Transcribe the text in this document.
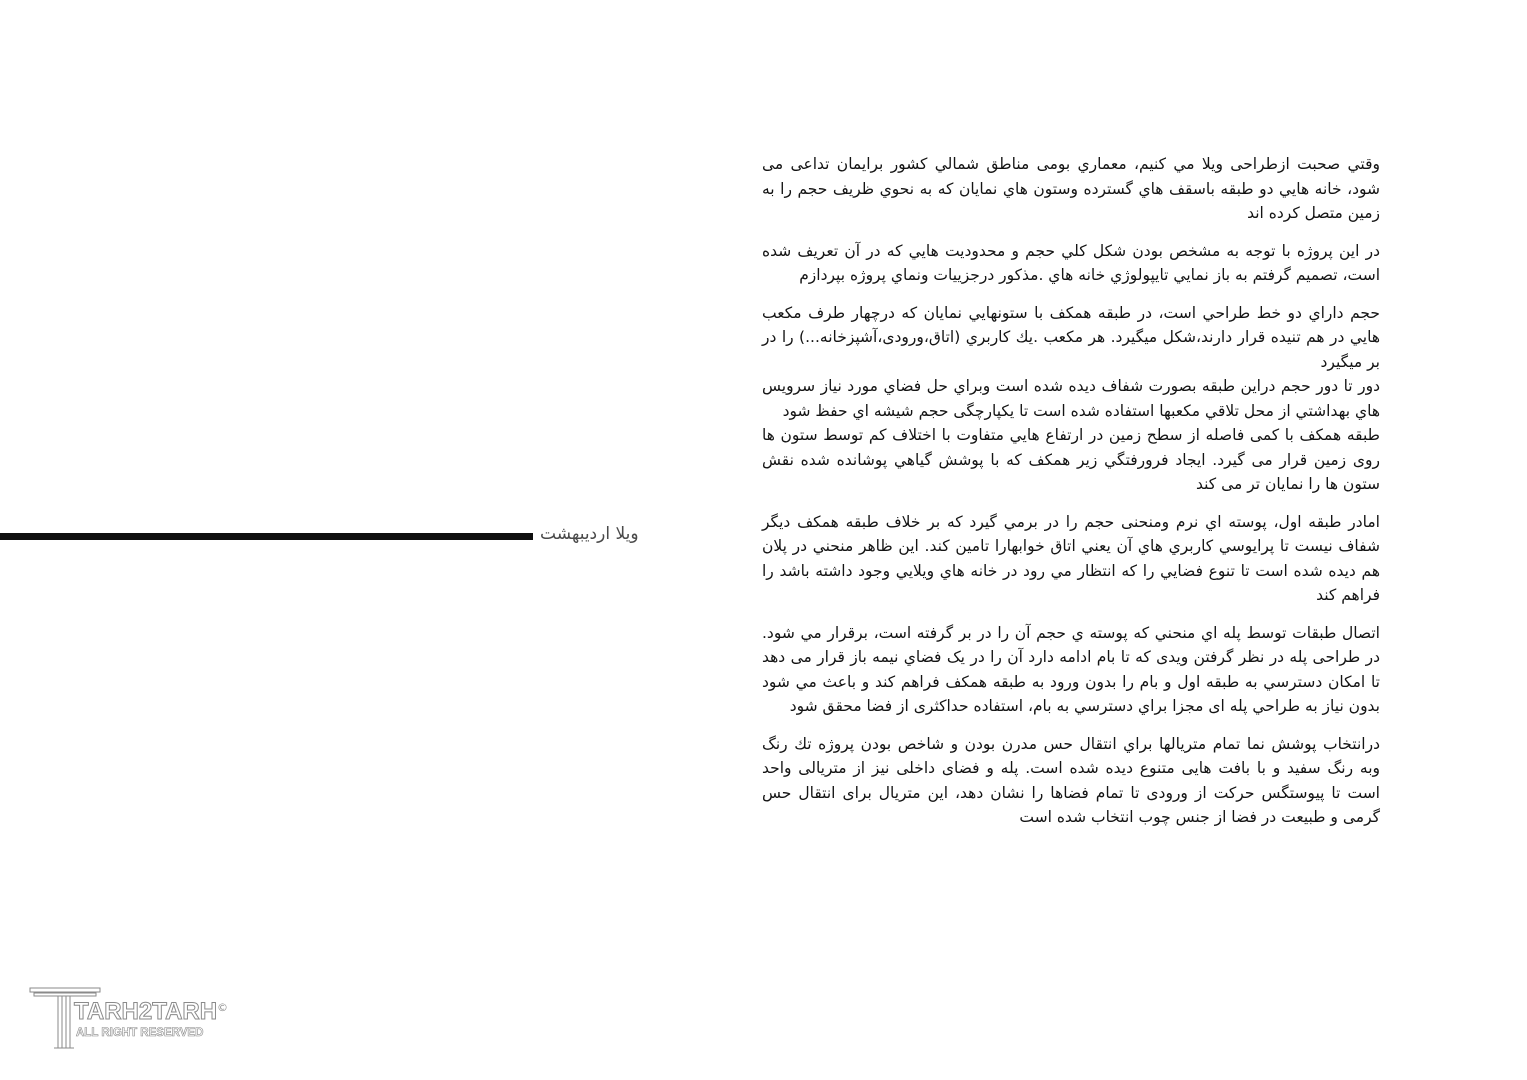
ویلا اردیبهشت

وقتي صحبت ازطراحی ویلا مي كنيم، معماري بومی مناطق شمالي كشور برايمان تداعی می شود، خانه هايي دو طبقه باسقف هاي گسترده وستون هاي نمايان كه به نحوي ظريف حجم را به زمين متصل كرده اند

در این پروژه با توجه به مشخص بودن شكل كلي حجم و محدوديت هايي كه در آن تعریف شده است، تصميم گرفتم به باز نمايي تايپولوژي خانه هاي .مذكور درجزييات ونماي پروژه بپردازم

حجم داراي دو خط طراحي است، در طبقه همكف با ستونهايي نمايان كه درچهار طرف مكعب هايي در هم تنيده قرار دارند،شكل ميگيرد. هر مكعب .يك كاربري (اتاق،ورودی،آشپزخانه...) را در بر ميگيرد
دور تا دور حجم دراين طبقه بصورت شفاف ديده شده است وبراي حل فضاي مورد نياز سرويس هاي بهداشتي از محل تلاقي مكعبها استفاده شده است تا يكپارچگی حجم شيشه اي حفظ شود
طبقه همكف با كمی فاصله از سطح زمين در ارتفاع هايي متفاوت با اختلاف كم توسط ستون ها روی زمين قرار می گيرد. ايجاد فرورفتگي زير همكف كه با پوشش گياهي پوشانده شده نقش ستون ها را نمايان تر می كند

امادر طبقه اول، پوسته اي نرم ومنحنی حجم را در برمي گيرد كه بر خلاف طبقه همكف ديگر شفاف نيست تا پرايوسي كاربري هاي آن يعني اتاق خوابهارا تامين كند. اين ظاهر منحني در پلان هم ديده شده است تا تنوع فضايي را كه انتظار مي رود در خانه هاي ويلايي وجود داشته باشد را فراهم كند

اتصال طبقات توسط پله اي منحني كه پوسته ي حجم آن را در بر گرفته است، برقرار مي شود. در طراحی پله در نظر گرفتن ويدی كه تا بام ادامه دارد آن را در يک فضاي نيمه باز قرار می دهد تا امكان دسترسي به طبقه اول و بام را بدون ورود به طبقه همكف فراهم كند و باعث مي شود بدون نياز به طراحي پله ای مجزا براي دسترسي به بام، استفاده حداكثری از فضا محقق شود

درانتخاب پوشش نما تمام متريالها براي انتقال حس مدرن بودن و شاخص بودن پروژه تك رنگ وبه رنگ سفيد و با بافت هايی متنوع ديده شده است. پله و فضای داخلی نيز از متريالی واحد است تا پيوستگس حركت از ورودی تا تمام فضاها را نشان دهد، اين متريال برای انتقال حس گرمی و طبيعت در فضا از جنس چوب انتخاب شده است

TARH2TARH
ALL RIGHT RESERVED
©
